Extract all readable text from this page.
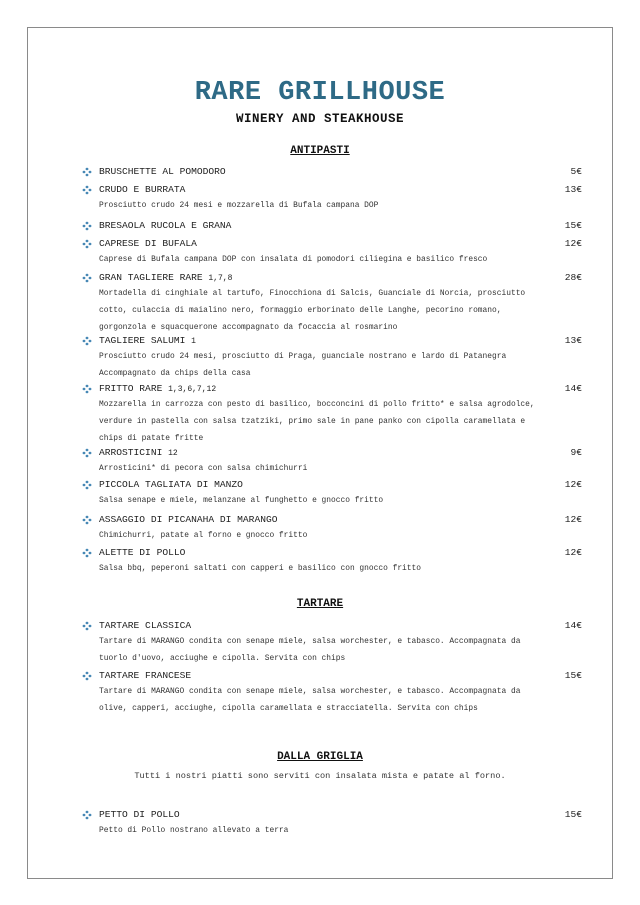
RARE GRILLHOUSE
WINERY AND STEAKHOUSE
ANTIPASTI
BRUSCHETTE AL POMODORO	5€
CRUDO E BURRATA	13€
Prosciutto crudo 24 mesi e mozzarella di Bufala campana DOP
BRESAOLA RUCOLA E GRANA	15€
CAPRESE DI BUFALA	12€
Caprese di Bufala campana DOP con insalata di pomodori ciliegina e basilico fresco
GRAN TAGLIERE RARE 1,7,8	28€
Mortadella di cinghiale al tartufo, Finocchiona di Salcis, Guanciale di Norcia, prosciutto
cotto, culaccia di maialino nero, formaggio erborinato delle Langhe, pecorino romano,
gorgonzola e squacquerone accompagnato da focaccia al rosmarino
TAGLIERE SALUMI 1	13€
Prosciutto crudo 24 mesi, prosciutto di Praga, guanciale nostrano e lardo di Patanegra
Accompagnato da chips della casa
FRITTO RARE 1,3,6,7,12	14€
Mozzarella in carrozza con pesto di basilico, bocconcini di pollo fritto* e salsa agrodolce,
verdure in pastella con salsa tzatziki, primo sale in pane panko con cipolla caramellata e
chips di patate fritte
ARROSTICINI 12	9€
Arrosticini* di pecora con salsa chimichurri
PICCOLA TAGLIATA DI MANZO	12€
Salsa senape e miele, melanzane al funghetto e gnocco fritto
ASSAGGIO DI PICANAHA DI MARANGO	12€
Chimichurri, patate al forno e gnocco fritto
ALETTE DI POLLO	12€
Salsa bbq, peperoni saltati con capperi e basilico con gnocco fritto
TARTARE
TARTARE CLASSICA	14€
Tartare di MARANGO condita con senape miele, salsa worchester, e tabasco. Accompagnata da
tuorlo d'uovo, acciughe e cipolla. Servita con chips
TARTARE FRANCESE	15€
Tartare di MARANGO condita con senape miele, salsa worchester, e tabasco. Accompagnata da
olive, capperi, acciughe, cipolla caramellata e stracciatella. Servita con chips
DALLA GRIGLIA
Tutti i nostri piatti sono serviti con insalata mista e patate al forno.
PETTO DI POLLO	15€
Petto di Pollo nostrano allevato a terra
